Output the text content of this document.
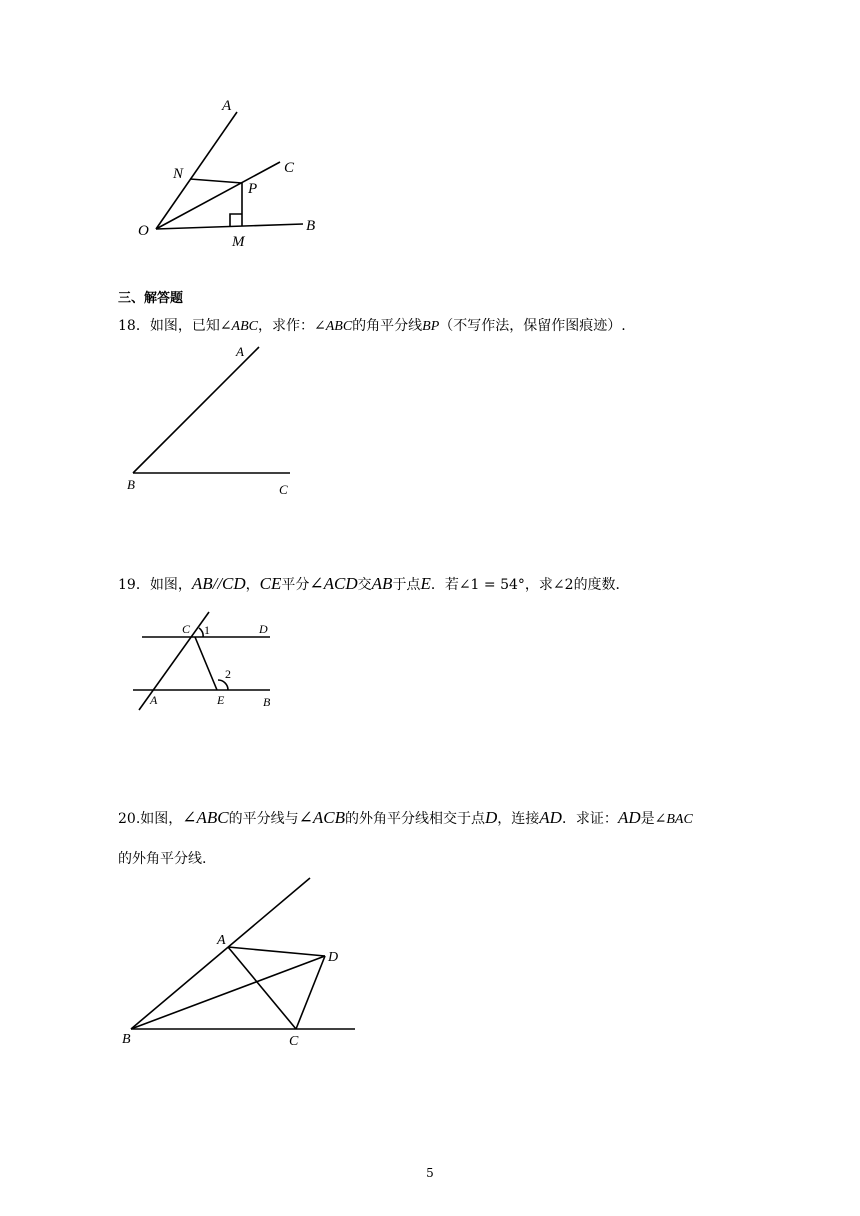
A
C
N
P
O
M
B
三、解答题
18．如图，已知∠ABC，求作：∠ABC的角平分线BP（不写作法，保留作图痕迹）.
A
B	C
19．如图，AB//CD，CE平分∠ACD交AB于点E．若∠1 = 54°，求∠2的度数．
C 1	D
2
A	E	B
20.如图，∠ABC的平分线与∠ACB的外角平分线相交于点D，连接AD．求证：AD是∠BAC
的外角平分线.
A
D
B	C
5
